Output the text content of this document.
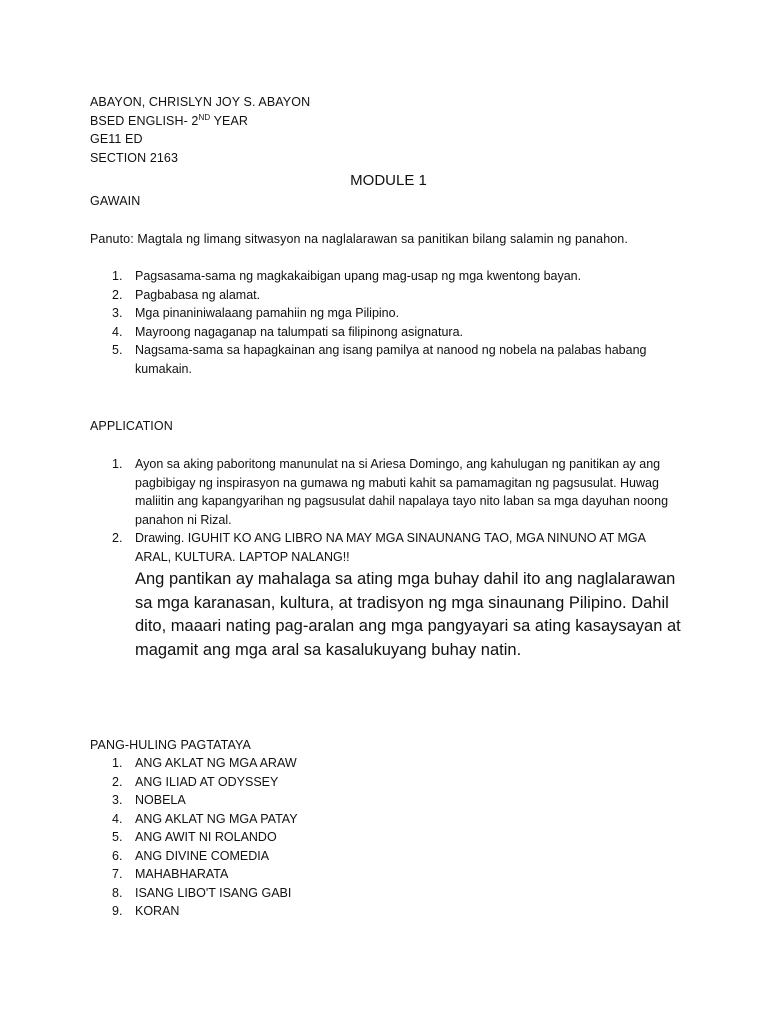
ABAYON, CHRISLYN JOY S. ABAYON
BSED ENGLISH- 2ND YEAR
GE11 ED
SECTION 2163
MODULE 1
GAWAIN
Panuto: Magtala ng limang sitwasyon na naglalarawan sa panitikan bilang salamin ng panahon.
1. Pagsasama-sama ng magkakaibigan upang mag-usap ng mga kwentong bayan.
2. Pagbabasa ng alamat.
3. Mga pinaniniwalaang pamahiin ng mga Pilipino.
4. Mayroong nagaganap na talumpati sa filipinong asignatura.
5. Nagsama-sama sa hapagkainan ang isang pamilya at nanood ng nobela na palabas habang kumakain.
APPLICATION
1. Ayon sa aking paboritong manunulat na si Ariesa Domingo, ang kahulugan ng panitikan ay ang pagbibigay ng inspirasyon na gumawa ng mabuti kahit sa pamamagitan ng pagsusulat. Huwag maliitin ang kapangyarihan ng pagsusulat dahil napalaya tayo nito laban sa mga dayuhan noong panahon ni Rizal.
2. Drawing. IGUHIT KO ANG LIBRO NA MAY MGA SINAUNANG TAO, MGA NINUNO AT MGA ARAL, KULTURA. LAPTOP NALANG!!
Ang pantikan ay mahalaga sa ating mga buhay dahil ito ang naglalarawan sa mga karanasan, kultura, at tradisyon ng mga sinaunang Pilipino. Dahil dito, maaari nating pag-aralan ang mga pangyayari sa ating kasaysayan at magamit ang mga aral sa kasalukuyang buhay natin.
PANG-HULING PAGTATAYA
1. ANG AKLAT NG MGA ARAW
2. ANG ILIAD AT ODYSSEY
3. NOBELA
4. ANG AKLAT NG MGA PATAY
5. ANG AWIT NI ROLANDO
6. ANG DIVINE COMEDIA
7. MAHABHARATA
8. ISANG LIBO'T ISANG GABI
9. KORAN
